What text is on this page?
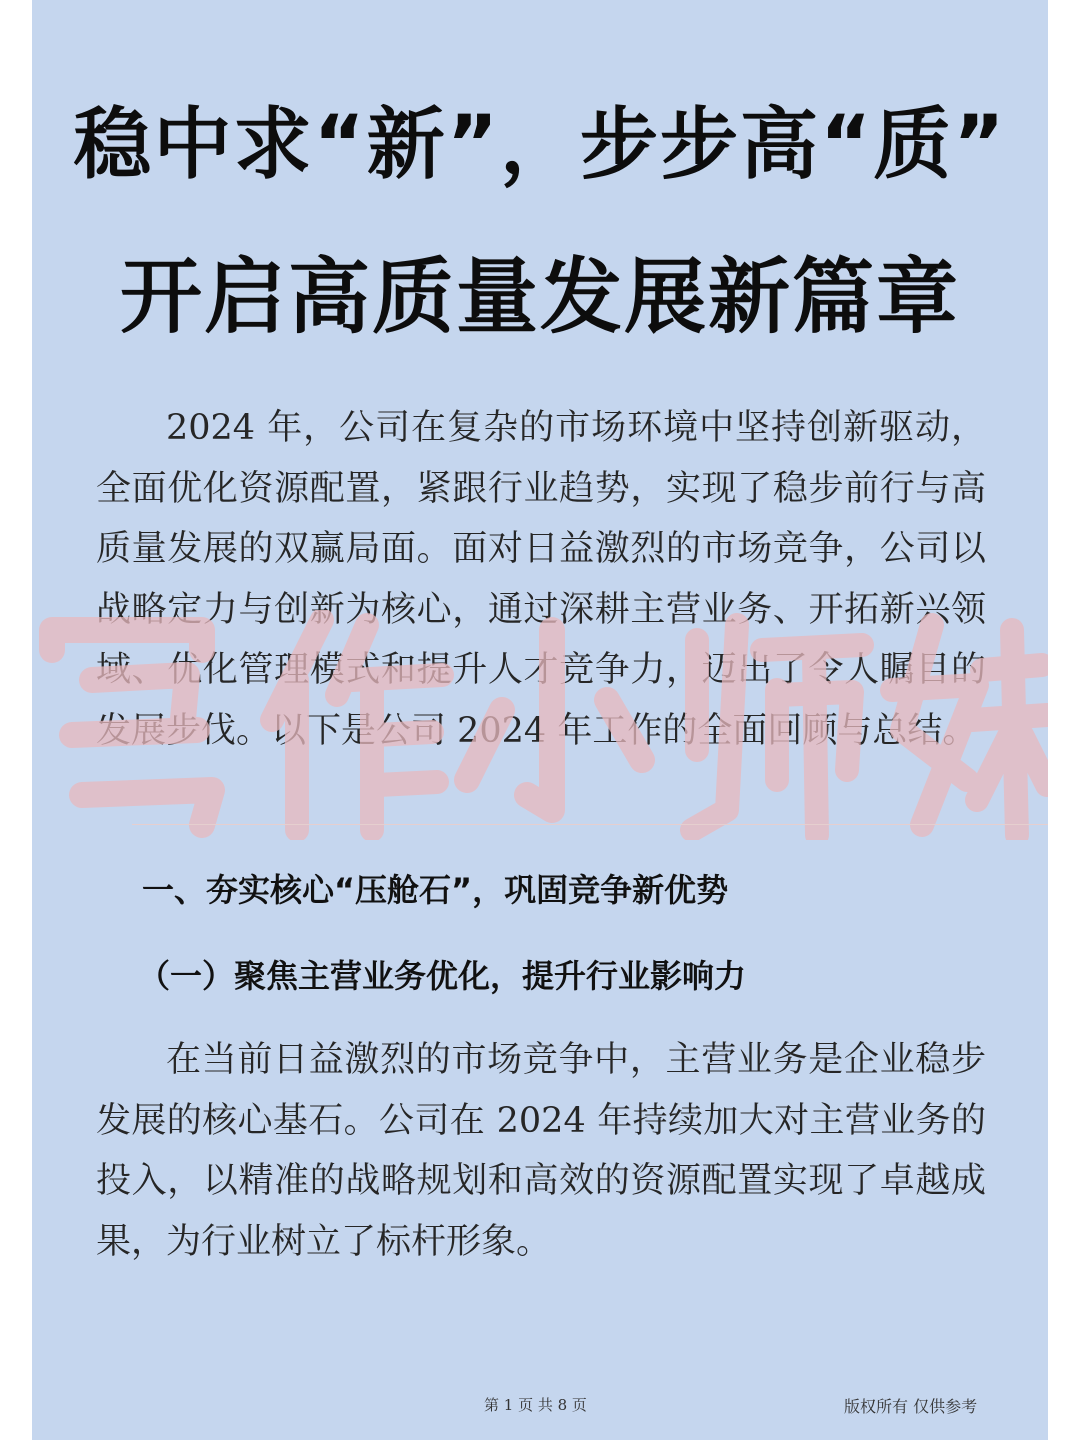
稳中求“新”，步步高“质”
开启高质量发展新篇章

2024 年，公司在复杂的市场环境中坚持创新驱动，全面优化资源配置，紧跟行业趋势，实现了稳步前行与高质量发展的双赢局面。面对日益激烈的市场竞争，公司以战略定力与创新为核心，通过深耕主营业务、开拓新兴领域、优化管理模式和提升人才竞争力，迈出了令人瞩目的发展步伐。以下是公司 2024 年工作的全面回顾与总结。

一、夯实核心“压舱石”，巩固竞争新优势
（一）聚焦主营业务优化，提升行业影响力

在当前日益激烈的市场竞争中，主营业务是企业稳步发展的核心基石。公司在 2024 年持续加大对主营业务的投入，以精准的战略规划和高效的资源配置实现了卓越成果，为行业树立了标杆形象。

第 1 页 共 8 页	版权所有 仅供参考
